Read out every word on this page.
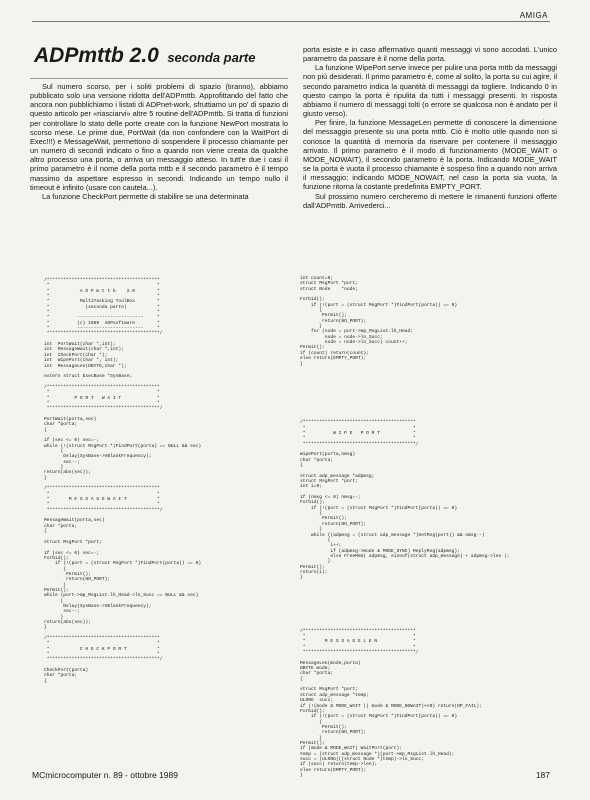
AMIGA
ADPmttb 2.0 seconda parte

Sul numero scorso, per i soliti problemi di spazio (tiranno), abbiamo pubblicato solo una versione ridotta dell'ADPmttb. Approfittando del fatto che ancora non pubblichiamo i listati di ADPnet-work, sfruttiamo un po' di spazio di questo articolo per «riasciarvi» altre 5 routine dell'ADPmttb. Si tratta di funzioni per controllare lo stato delle porte create con la funzione NewPort mostrata lo scorso mese. Le prime due, PortWait (da non confondere con la WaitPort di Exec!!!) e MessageWait, permettono di sospendere il processo chiamante per un numero di secondi indicato o fino a quando non viene creata da qualche altro processo una porta, o arriva un messaggio atteso. In tutt'e due i casi il primo parametro è il nome della porta mttb e il secondo parametro è il tempo massimo da aspettare espresso in secondi. Indicando un tempo nullo il timeout è infinito (usare con cautela...).

La funzione CheckPort permette di stabilire se una determinata

porta esiste e in caso affermativo quanti messaggi vi sono accodati. L'unico parametro da passare è il nome della porta.

La funzione WipePort serve invece per pulire una porta mttb da messaggi non più desiderati. Il primo parametro è, come al solito, la porta su cui agire, il secondo parametro indica la quantità di messaggi da togliere. Indicando 0 in questo campo la porta è ripulita da tutti i messaggi presenti. In risposta abbiamo il numero di messaggi tolti (o errore se qualcosa non è andato per il giusto verso).

Per finire, la funzione MessageLen permette di conoscere la dimensione del messaggio presente su una porta mttb. Ciò è molto utile quando non si conosce la quantità di memoria da riservare per contenere il messaggio arrivato. Il primo parametro è il modo di funzionamento (MODE_WAIT o MODE_NOWAIT), il secondo parametro è la porta. Indicando MODE_WAIT se la porta è vuota il processo chiamante è sospeso fino a quando non arriva il messaggio; indicando MODE_NOWAIT, nel caso la porta sia vuota, la funzione ritorna la costante predefinita EMPTY_PORT.

Sul prossimo numero cercheremo di mettere le rimanenti funzioni offerte dall'ADPmttb. Arrivederci...

/*****************************************
*                                       *
*           A D P m t t b    2.0        *
*                                       *
*           MultiTasking ToolBox        *
*             (seconda parte)           *
*                                       *
*          ------------------------     *
*          (c) 1989  ADPsoftware        *
*          ------------------------     *
*****************************************/

int  PortWait(char *,int);
int  MessageWait(char *,int);
int  CheckPort(char *);
int  WipePort(char *, int);
int  MessageLen(DBYTE,char *);

extern struct ExecBase *SysBase;

/*****************************************
*                                       *
*         P O R T   W A I T             *
*                                       *
*****************************************/

PortWait(porta,sec)
char *porta;
{

if (sec <= 0) sec=-;
while (!(struct MsgPort *)FindPort(porta) == NULL && sec)
{
Delay(SysBase->VBlankFrequency);
sec--;
}
return(abs(sec));
}

/*****************************************
*                                       *
*       M E S S A G E W A I T           *
*                                       *
*****************************************/

MessageWait(porta,sec)
char *porta;
{

struct MsgPort *port;

if (sec <= 0) sec=-;
Forbid();
if (!(port = (struct MsgPort *)FindPort(porta)) == 0)
{
Permit();
return(NO_PORT);
}
Permit();
while (port->mp_MsgList.lh_Head->ln_Succ == NULL && sec)
{
Delay(SysBase->VBlankFrequency);
sec--;
}
return(abs(sec));
}

/*****************************************
*                                       *
*           C H E C K P O R T           *
*                                       *
*****************************************/

CheckPort(porta)
char *porta;
{
int count=0;
struct MsgPort *port;
struct Node    *node;

Forbid();
if (!(port = (struct MsgPort *)FindPort(porta)) == 0)
{
Permit();
return(NO_PORT);
}
for (node = port->mp_MsgList.lh_Head;
node = node->ln_Succ;
node = node->ln_Succ) count++;
Permit();
if (count) return(count);
else return(EMPTY_PORT);
}

/*****************************************
*                                       *
*          W I P E   P O R T            *
*                                       *
*****************************************/

WipePort(porta,nmsg)
char *porta;
{

struct adp_message *adpmsg;
struct MsgPort *port;
int i=0;

if (nmsg <= 0) nmsg=-;
Forbid();
if (!(port = (struct MsgPort *)FindPort(porta)) == 0)
{
Permit();
return(NO_PORT);
}
while ((adpmsg = (struct adp_message *)GetMsg(port)) && nmsg--)
{
i++;
if (adpmsg->mode & MODE_SYNC) ReplyMsg(adpmsg);
else FreeMem( adpmsg, sizeof(struct adp_message) + adpmsg->len );
}
Permit();
return(i);
}

/*****************************************
*                                       *
*       M E S S A G E L E N             *
*                                       *
*****************************************/

MessageLen(mode,porta)
DBYTE mode;
char *porta;
{

struct MsgPort *port;
struct adp_message *temp;
ULONG  succ;
if (!(mode & MODE_WAIT || mode & MODE_NOWAIT)<<0) return(OP_FAIL);
Forbid();
if (!(port = (struct MsgPort *)FindPort(porta)) == 0)
{
Permit();
return(NO_PORT);
}
Permit();
if (mode & MODE_WAIT) WaitPort(port);
temp = (struct adp_message *)(port->mp_MsgList.lh_Head);
succ = (ULONG)((struct Node *)temp)->ln_Succ;
if (succ) return(temp->len);
else return(EMPTY_PORT);
}
MCmicrocomputer n. 89 - ottobre 1989	187
